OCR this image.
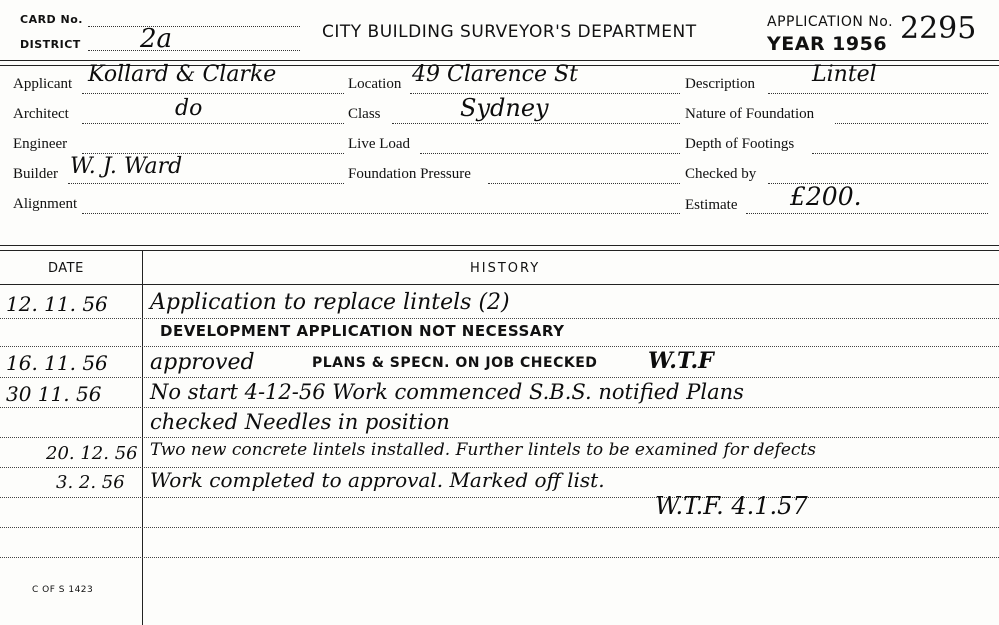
CARD No.
DISTRICT 2a	CITY BUILDING SURVEYOR'S DEPARTMENT	APPLICATION No. 2295
YEAR 1956
Applicant Kollard & Clarke	Location 49 Clarence St	Description	Lintel
Architect	do	Class	Sydney	Nature of Foundation
Engineer	Live Load	Depth of Footings
Builder W. J. Ward	Foundation Pressure	Checked by
Alignment	Estimate £200.
DATE	HISTORY
12. 11. 56 Application to replace lintels (2)
DEVELOPMENT APPLICATION NOT NECESSARY
16. 11. 56 approved	PLANS & SPECN. ON JOB CHECKED W.T.F
30 11. 56 No start 4-12-56 Work commenced S.B.S. notified Plans
checked Needles in position
20. 12. 56 Two new concrete lintels installed. Further lintels to be examined for defects
3. 2. 56 Work completed to approval. Marked off list.
W.T.F. 4.1.57
C OF S 1423
